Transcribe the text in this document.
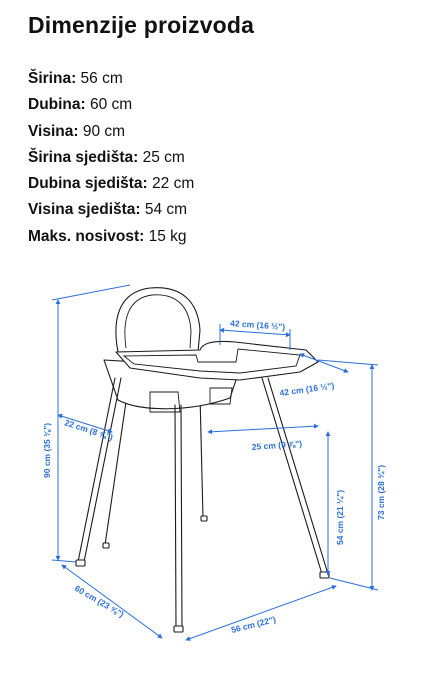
Dimenzije proizvoda
Širina: 56 cm
Dubina: 60 cm
Visina: 90 cm
Širina sjedišta: 25 cm
Dubina sjedišta: 22 cm
Visina sjedišta: 54 cm
Maks. nosivost: 15 kg
42 cm (16 ½")
42 cm (16 ½")
22 cm (8 ⅝")
25 cm (9 ⅞")
90 cm (35 ⅜")
54 cm (21 ¼")	73 cm (28 ¾")
60 cm (23 ⅝")
56 cm (22")
